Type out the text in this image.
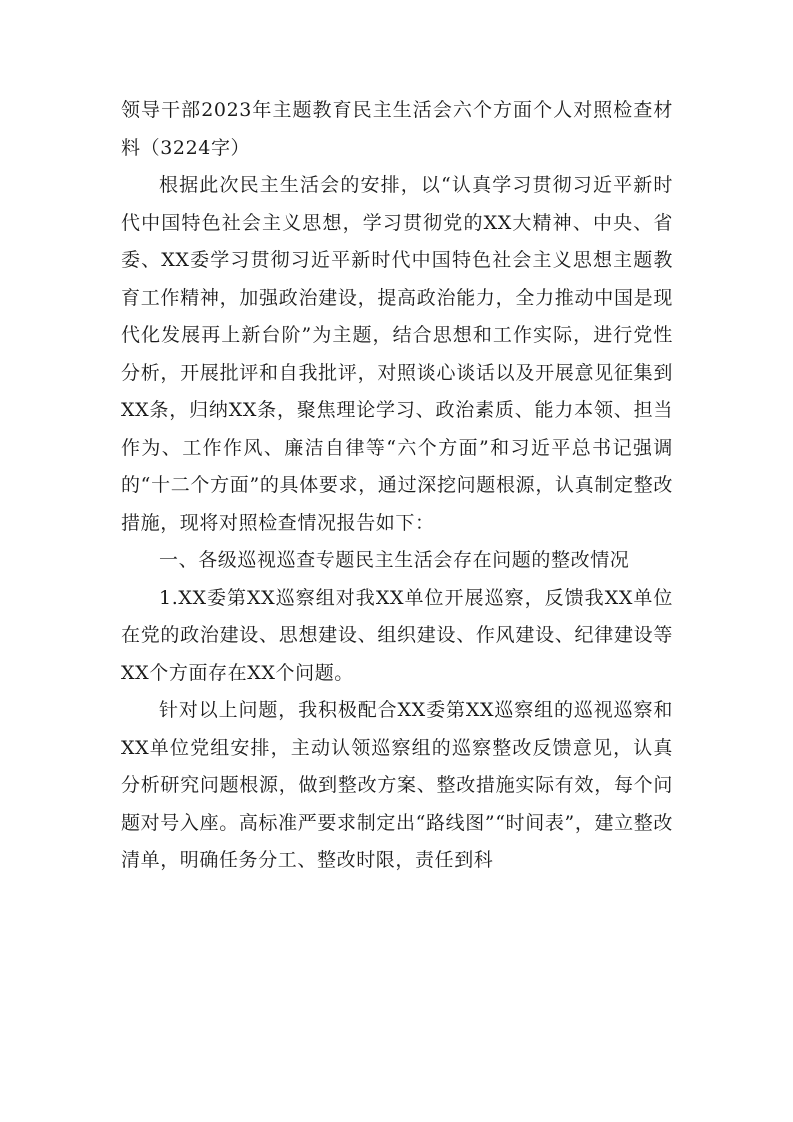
领导干部2023年主题教育民主生活会六个方面个人对照检查材料（3224字）

根据此次民主生活会的安排，以“认真学习贯彻习近平新时代中国特色社会主义思想，学习贯彻党的XX大精神、中央、省委、XX委学习贯彻习近平新时代中国特色社会主义思想主题教育工作精神，加强政治建设，提高政治能力，全力推动中国是现代化发展再上新台阶”为主题，结合思想和工作实际，进行党性分析，开展批评和自我批评，对照谈心谈话以及开展意见征集到XX条，归纳XX条，聚焦理论学习、政治素质、能力本领、担当作为、工作作风、廉洁自律等“六个方面”和习近平总书记强调的“十二个方面”的具体要求，通过深挖问题根源，认真制定整改措施，现将对照检查情况报告如下：

一、各级巡视巡查专题民主生活会存在问题的整改情况

1.XX委第XX巡察组对我XX单位开展巡察，反馈我XX单位在党的政治建设、思想建设、组织建设、作风建设、纪律建设等XX个方面存在XX个问题。

针对以上问题，我积极配合XX委第XX巡察组的巡视巡察和XX单位党组安排，主动认领巡察组的巡察整改反馈意见，认真分析研究问题根源，做到整改方案、整改措施实际有效，每个问题对号入座。高标准严要求制定出“路线图”“时间表”，建立整改清单，明确任务分工、整改时限，责任到科
